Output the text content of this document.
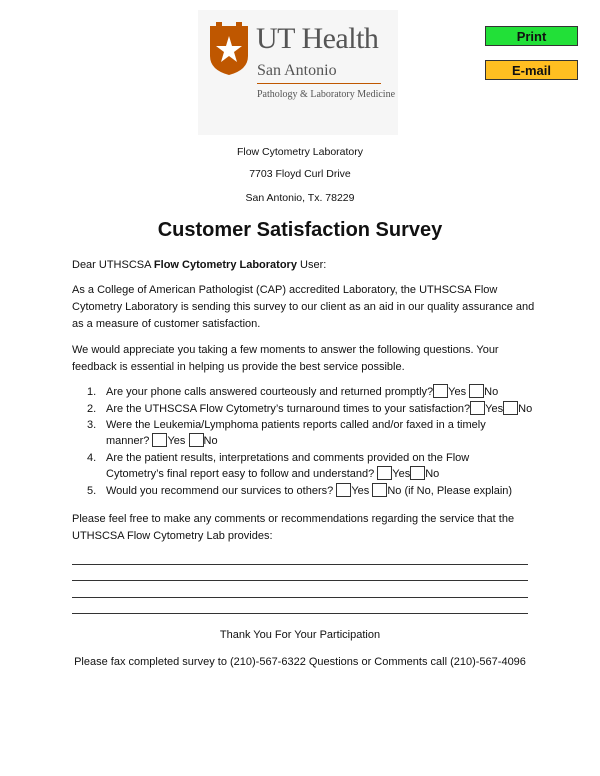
UT Health
San Antonio
Pathology & Laboratory Medicine
Print
E-mail
Flow Cytometry Laboratory
7703 Floyd Curl Drive
San Antonio, Tx. 78229
Customer Satisfaction Survey
Dear UTHSCSA Flow Cytometry Laboratory User:
As a College of American Pathologist (CAP) accredited Laboratory, the UTHSCSA Flow Cytometry Laboratory is sending this survey to our client as an aid in our quality assurance and as a measure of customer satisfaction.
We would appreciate you taking a few moments to answer the following questions. Your feedback is essential in helping us provide the best service possible.
1. Are your phone calls answered courteously and returned promptly? Yes No
2. Are the UTHSCSA Flow Cytometry’s turnaround times to your satisfaction? Yes No
3. Were the Leukemia/Lymphoma patients reports called and/or faxed in a timely
manner? Yes No
4. Are the patient results, interpretations and comments provided on the Flow
Cytometry’s final report easy to follow and understand? Yes No
5. Would you recommend our survices to others? Yes No (if No, Please explain)
Please feel free to make any comments or recommendations regarding the service that the UTHSCSA Flow Cytometry Lab provides:
Thank You For Your Participation
Please fax completed survey to (210)-567-6322 Questions or Comments call (210)-567-4096
